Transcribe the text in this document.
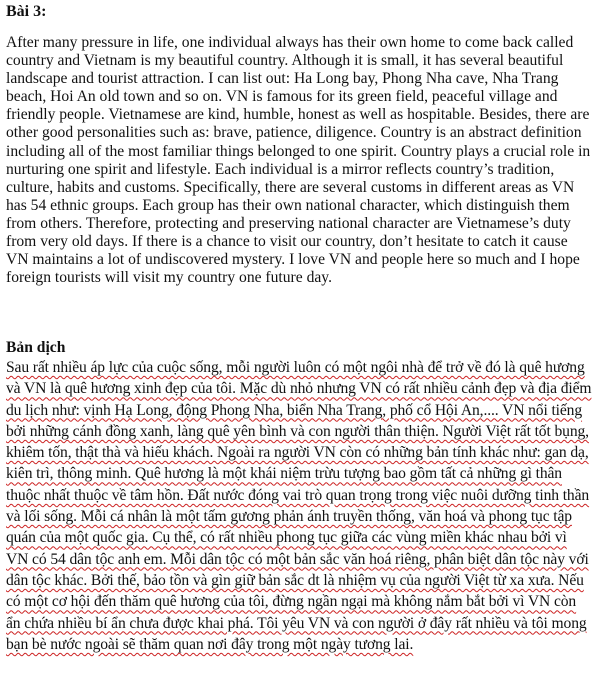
Bài 3:

After many pressure in life, one individual always has their own home to come back called country and Vietnam is my beautiful country. Although it is small, it has several beautiful landscape and tourist attraction. I can list out: Ha Long bay, Phong Nha cave, Nha Trang beach, Hoi An old town and so on. VN is famous for its green field, peaceful village and friendly people. Vietnamese are kind, humble, honest as well as hospitable. Besides, there are other good personalities such as: brave, patience, diligence. Country is an abstract definition including all of the most familiar things belonged to one spirit. Country plays a crucial role in nurturing one spirit and lifestyle. Each individual is a mirror reflects country’s tradition, culture, habits and customs. Specifically, there are several customs in different areas as VN has 54 ethnic groups. Each group has their own national character, which distinguish them from others. Therefore, protecting and preserving national character are Vietnamese’s duty from very old days. If there is a chance to visit our country, don’t hesitate to catch it cause VN maintains a lot of undiscovered mystery. I love VN and people here so much and I hope foreign tourists will visit my country one future day.

Bản dịch

Sau rất nhiều áp lực của cuộc sống, mỗi người luôn có một ngôi nhà để trở về đó là quê hương và VN là quê hương xinh đẹp của tôi. Mặc dù nhỏ nhưng VN có rất nhiều cảnh đẹp và địa điểm du lịch như: vịnh Hạ Long, động Phong Nha, biển Nha Trang, phố cổ Hội An,.... VN nổi tiếng bởi những cánh đồng xanh, làng quê yên bình và con người thân thiện. Người Việt rất tốt bụng, khiêm tốn, thật thà và hiếu khách. Ngoài ra người VN còn có những bản tính khác như: gan dạ, kiên trì, thông minh. Quê hương là một khái niệm trừu tượng bao gồm tất cả những gì thân thuộc nhất thuộc về tâm hồn. Đất nước đóng vai trò quan trọng trong việc nuôi dưỡng tinh thần và lối sống. Mỗi cá nhân là một tấm gương phản ánh truyền thống, văn hoá và phong tục tập quán của một quốc gia. Cụ thể, có rất nhiều phong tục giữa các vùng miền khác nhau bởi vì VN có 54 dân tộc anh em. Mỗi dân tộc có một bản sắc văn hoá riêng, phân biệt dân tộc này với dân tộc khác. Bởi thế, bảo tồn và gìn giữ bản sắc dt là nhiệm vụ của người Việt từ xa xưa. Nếu có một cơ hội đến thăm quê hương của tôi, đừng ngần ngại mà không nắm bắt bởi vì VN còn ẩn chứa nhiều bí ẩn chưa được khai phá. Tôi yêu VN và con người ở đây rất nhiều và tôi mong bạn bè nước ngoài sẽ thăm quan nơi đây trong một ngày tương lai.
